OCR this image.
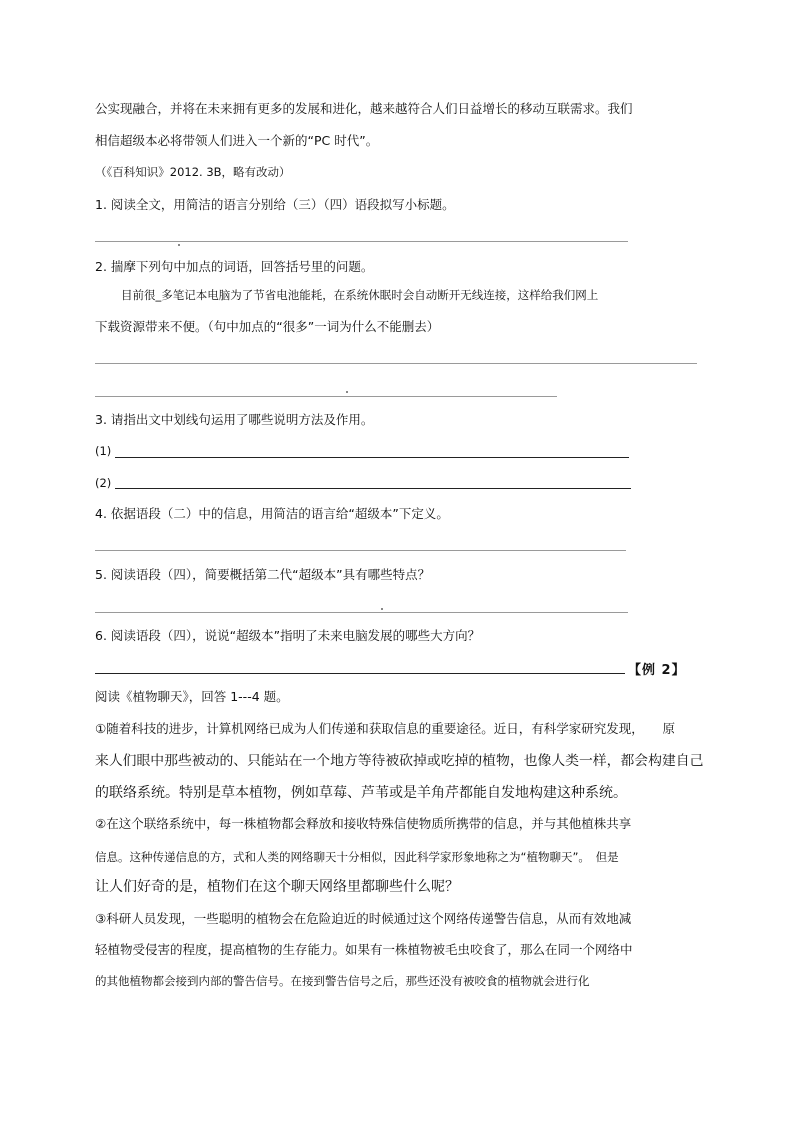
公实现融合，并将在未来拥有更多的发展和进化，越来越符合人们日益增长的移动互联需求。我们
相信超级本必将带领人们进入一个新的“PC 时代”。
（《百科知识》2012. 3B，略有改动）
1. 阅读全文，用简洁的语言分别给（三）（四）语段拟写小标题。
2. 揣摩下列句中加点的词语，回答括号里的问题。
目前很_多笔记本电脑为了节省电池能耗，在系统休眠时会自动断开无线连接，这样给我们网上
下载资源带来不便。（句中加点的“很多”一词为什么不能删去）
3. 请指出文中划线句运用了哪些说明方法及作用。
(1)
(2)
4. 依据语段（二）中的信息，用简洁的语言给“超级本”下定义。
5. 阅读语段（四），简要概括第二代“超级本”具有哪些特点？
6. 阅读语段（四），说说“超级本”指明了未来电脑发展的哪些大方向？
【例 2】
阅读《植物聊天》，回答 1---4 题。
①随着科技的进步，计算机网络已成为人们传递和获取信息的重要途径。近日，有科学家研究发现，　　原
来人们眼中那些被动的、只能站在一个地方等待被砍掉或吃掉的植物，也像人类一样，都会构建自己
的联络系统。特别是草本植物，例如草莓、芦苇或是羊角芹都能自发地构建这种系统。
②在这个联络系统中，每一株植物都会释放和接收特殊信使物质所携带的信息，并与其他植株共享
信息。这种传递信息的方，式和人类的网络聊天十分相似，因此科学家形象地称之为“植物聊天”。　但是
让人们好奇的是，植物们在这个聊天网络里都聊些什么呢？
③科研人员发现，一些聪明的植物会在危险迫近的时候通过这个网络传递警告信息，从而有效地减
轻植物受侵害的程度，提高植物的生存能力。如果有一株植物被毛虫咬食了，那么在同一个网络中
的其他植物都会接到内部的警告信号。在接到警告信号之后，那些还没有被咬食的植物就会进行化
